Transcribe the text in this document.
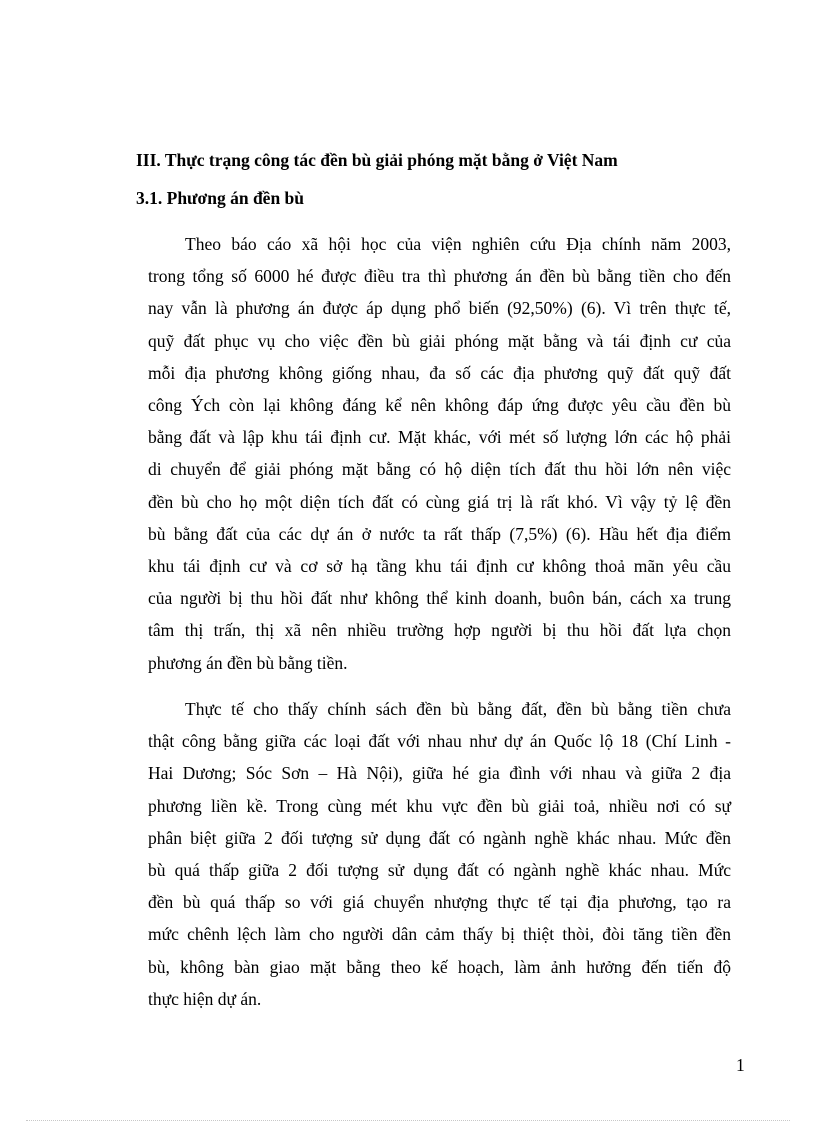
III. Thực trạng công tác đền bù giải phóng mặt bằng ở Việt Nam
3.1. Phương án đền bù
Theo báo cáo xã hội học của viện nghiên cứu Địa chính năm 2003,
trong tổng số 6000 hé được điều tra thì phương án đền bù bằng tiền cho đến
nay vẫn là phương án được áp dụng phổ biến (92,50%) (6). Vì trên thực tế,
quỹ đất phục vụ cho việc đền bù giải phóng mặt bằng và tái định cư của
mỗi địa phương không giống nhau, đa số các địa phương quỹ đất quỹ đất
công Ých còn lại không đáng kể nên không đáp ứng được yêu cầu đền bù
bằng đất và lập khu tái định cư. Mặt khác, với mét số lượng lớn các hộ phải
di chuyển để giải phóng mặt bằng có hộ diện tích đất thu hồi lớn nên việc
đền bù cho họ một diện tích đất có cùng giá trị là rất khó. Vì vậy tỷ lệ đền
bù bằng đất của các dự án ở nước ta rất thấp (7,5%) (6). Hầu hết địa điểm
khu tái định cư và cơ sở hạ tầng khu tái định cư không thoả mãn yêu cầu
của người bị thu hồi đất như không thể kinh doanh, buôn bán, cách xa trung
tâm thị trấn, thị xã nên nhiều trường hợp người bị thu hồi đất lựa chọn
phương án đền bù bằng tiền.
Thực tế cho thấy chính sách đền bù bằng đất, đền bù bằng tiền chưa
thật công bằng giữa các loại đất với nhau như dự án Quốc lộ 18 (Chí Linh -
Hai Dương; Sóc Sơn – Hà Nội), giữa hé gia đình với nhau và giữa 2 địa
phương liền kề. Trong cùng mét khu vực đền bù giải toả, nhiều nơi có sự
phân biệt giữa 2 đối tượng sử dụng đất có ngành nghề khác nhau. Mức đền
bù quá thấp giữa 2 đối tượng sử dụng đất có ngành nghề khác nhau. Mức
đền bù quá thấp so với giá chuyển nhượng thực tế tại địa phương, tạo ra
mức chênh lệch làm cho người dân cảm thấy bị thiệt thòi, đòi tăng tiền đền
bù, không bàn giao mặt bằng theo kế hoạch, làm ảnh hưởng đến tiến độ
thực hiện dự án.
1
